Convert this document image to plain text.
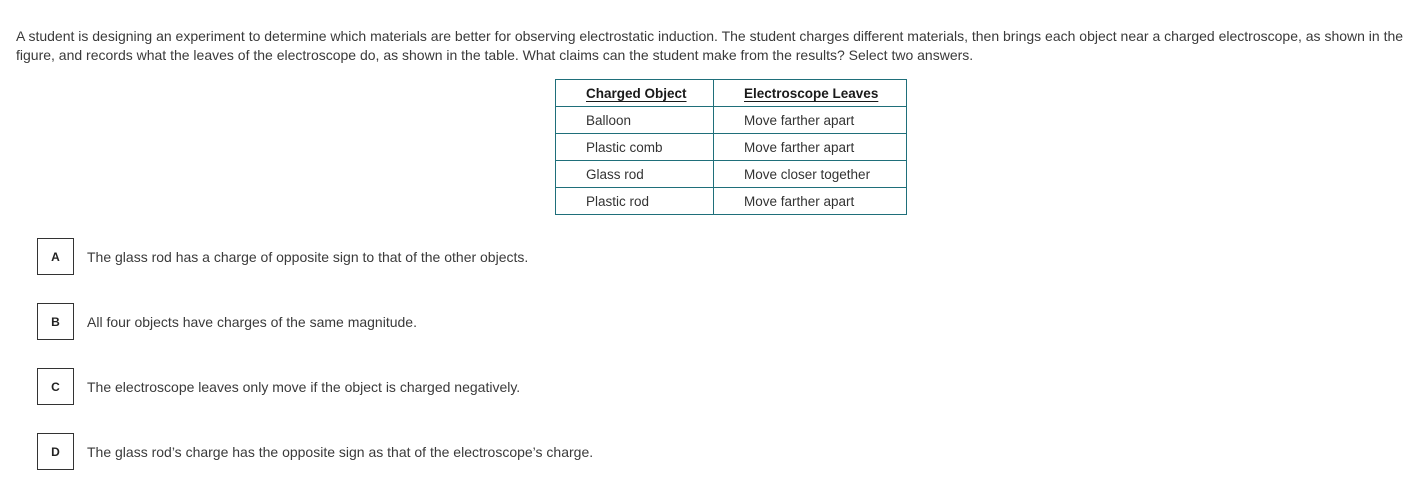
A student is designing an experiment to determine which materials are better for observing electrostatic induction. The student charges different materials, then brings each object near a charged electroscope, as shown in the figure, and records what the leaves of the electroscope do, as shown in the table. What claims can the student make from the results? Select two answers.

Charged Object	Electroscope Leaves
Balloon	Move farther apart
Plastic comb	Move farther apart
Glass rod	Move closer together
Plastic rod	Move farther apart
A	The glass rod has a charge of opposite sign to that of the other objects.
B	All four objects have charges of the same magnitude.
C	The electroscope leaves only move if the object is charged negatively.
D	The glass rod’s charge has the opposite sign as that of the electroscope’s charge.
